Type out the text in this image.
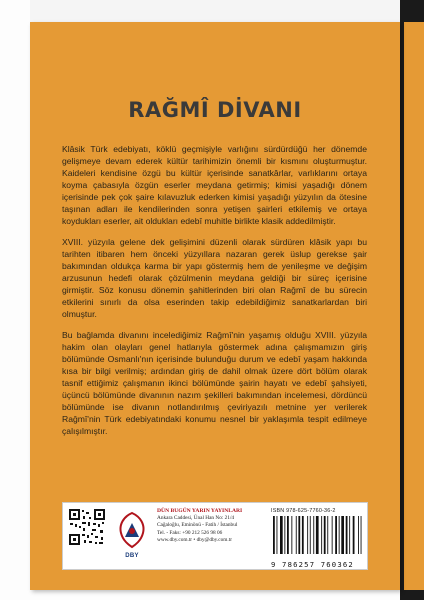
RAĞMÎ DİVANI

Klâsik Türk edebiyatı, köklü geçmişiyle varlığını sürdürdüğü her dönemde gelişmeye devam ederek kültür tarihimizin önemli bir kısmını oluşturmuştur. Kaideleri kendisine özgü bu kültür içerisinde sanatkârlar, varlıklarını ortaya koyma çabasıyla özgün eserler meydana getirmiş; kimisi yaşadığı dönem içerisinde pek çok şaire kılavuzluk ederken kimisi yaşadığı yüzyılın da ötesine taşınan adları ile kendilerinden sonra yetişen şairleri etkilemiş ve ortaya koydukları eserler, ait oldukları edebî muhitle birlikte klasik addedilmiştir.

XVIII. yüzyıla gelene dek gelişimini düzenli olarak sürdüren klâsik yapı bu tarihten itibaren hem önceki yüzyıllara nazaran gerek üslup gerekse şair bakımından oldukça karma bir yapı göstermiş hem de yenileşme ve değişim arzusunun hedefi olarak çözülmenin meydana geldiği bir süreç içerisine girmiştir. Söz konusu dönemin şahitlerinden biri olan Rağmî de bu sürecin etkilerini sınırlı da olsa eserinden takip edebildiğimiz sanatkarlardan biri olmuştur.

Bu bağlamda divanını incelediğimiz Rağmî'nin yaşamış olduğu XVIII. yüzyıla hakim olan olayları genel hatlarıyla göstermek adına çalışmamızın giriş bölümünde Osmanlı'nın içerisinde bulunduğu durum ve edebî yaşam hakkında kısa bir bilgi verilmiş; ardından giriş de dahil olmak üzere dört bölüm olarak tasnif ettiğimiz çalışmanın ikinci bölümünde şairin hayatı ve edebî şahsiyeti, üçüncü bölümünde divanının nazım şekilleri bakımından incelemesi, dördüncü bölümünde ise divanın notlandırılmış çeviriyazılı metnine yer verilerek Rağmî'nin Türk edebiyatındaki konumu nesnel bir yaklaşımla tespit edilmeye çalışılmıştır.

DBY
DÜN BUGÜN YARIN YAYINLARI
Ankara Caddesi, Ünal Han No: 21/4
Cağaloğlu, Eminönü - Fatih / İstanbul
Tel. - Faks: +90 212 526 98 06
www.dby.com.tr • dby@dby.com.tr
ISBN 978-625-7760-36-2
9 786257 760362
